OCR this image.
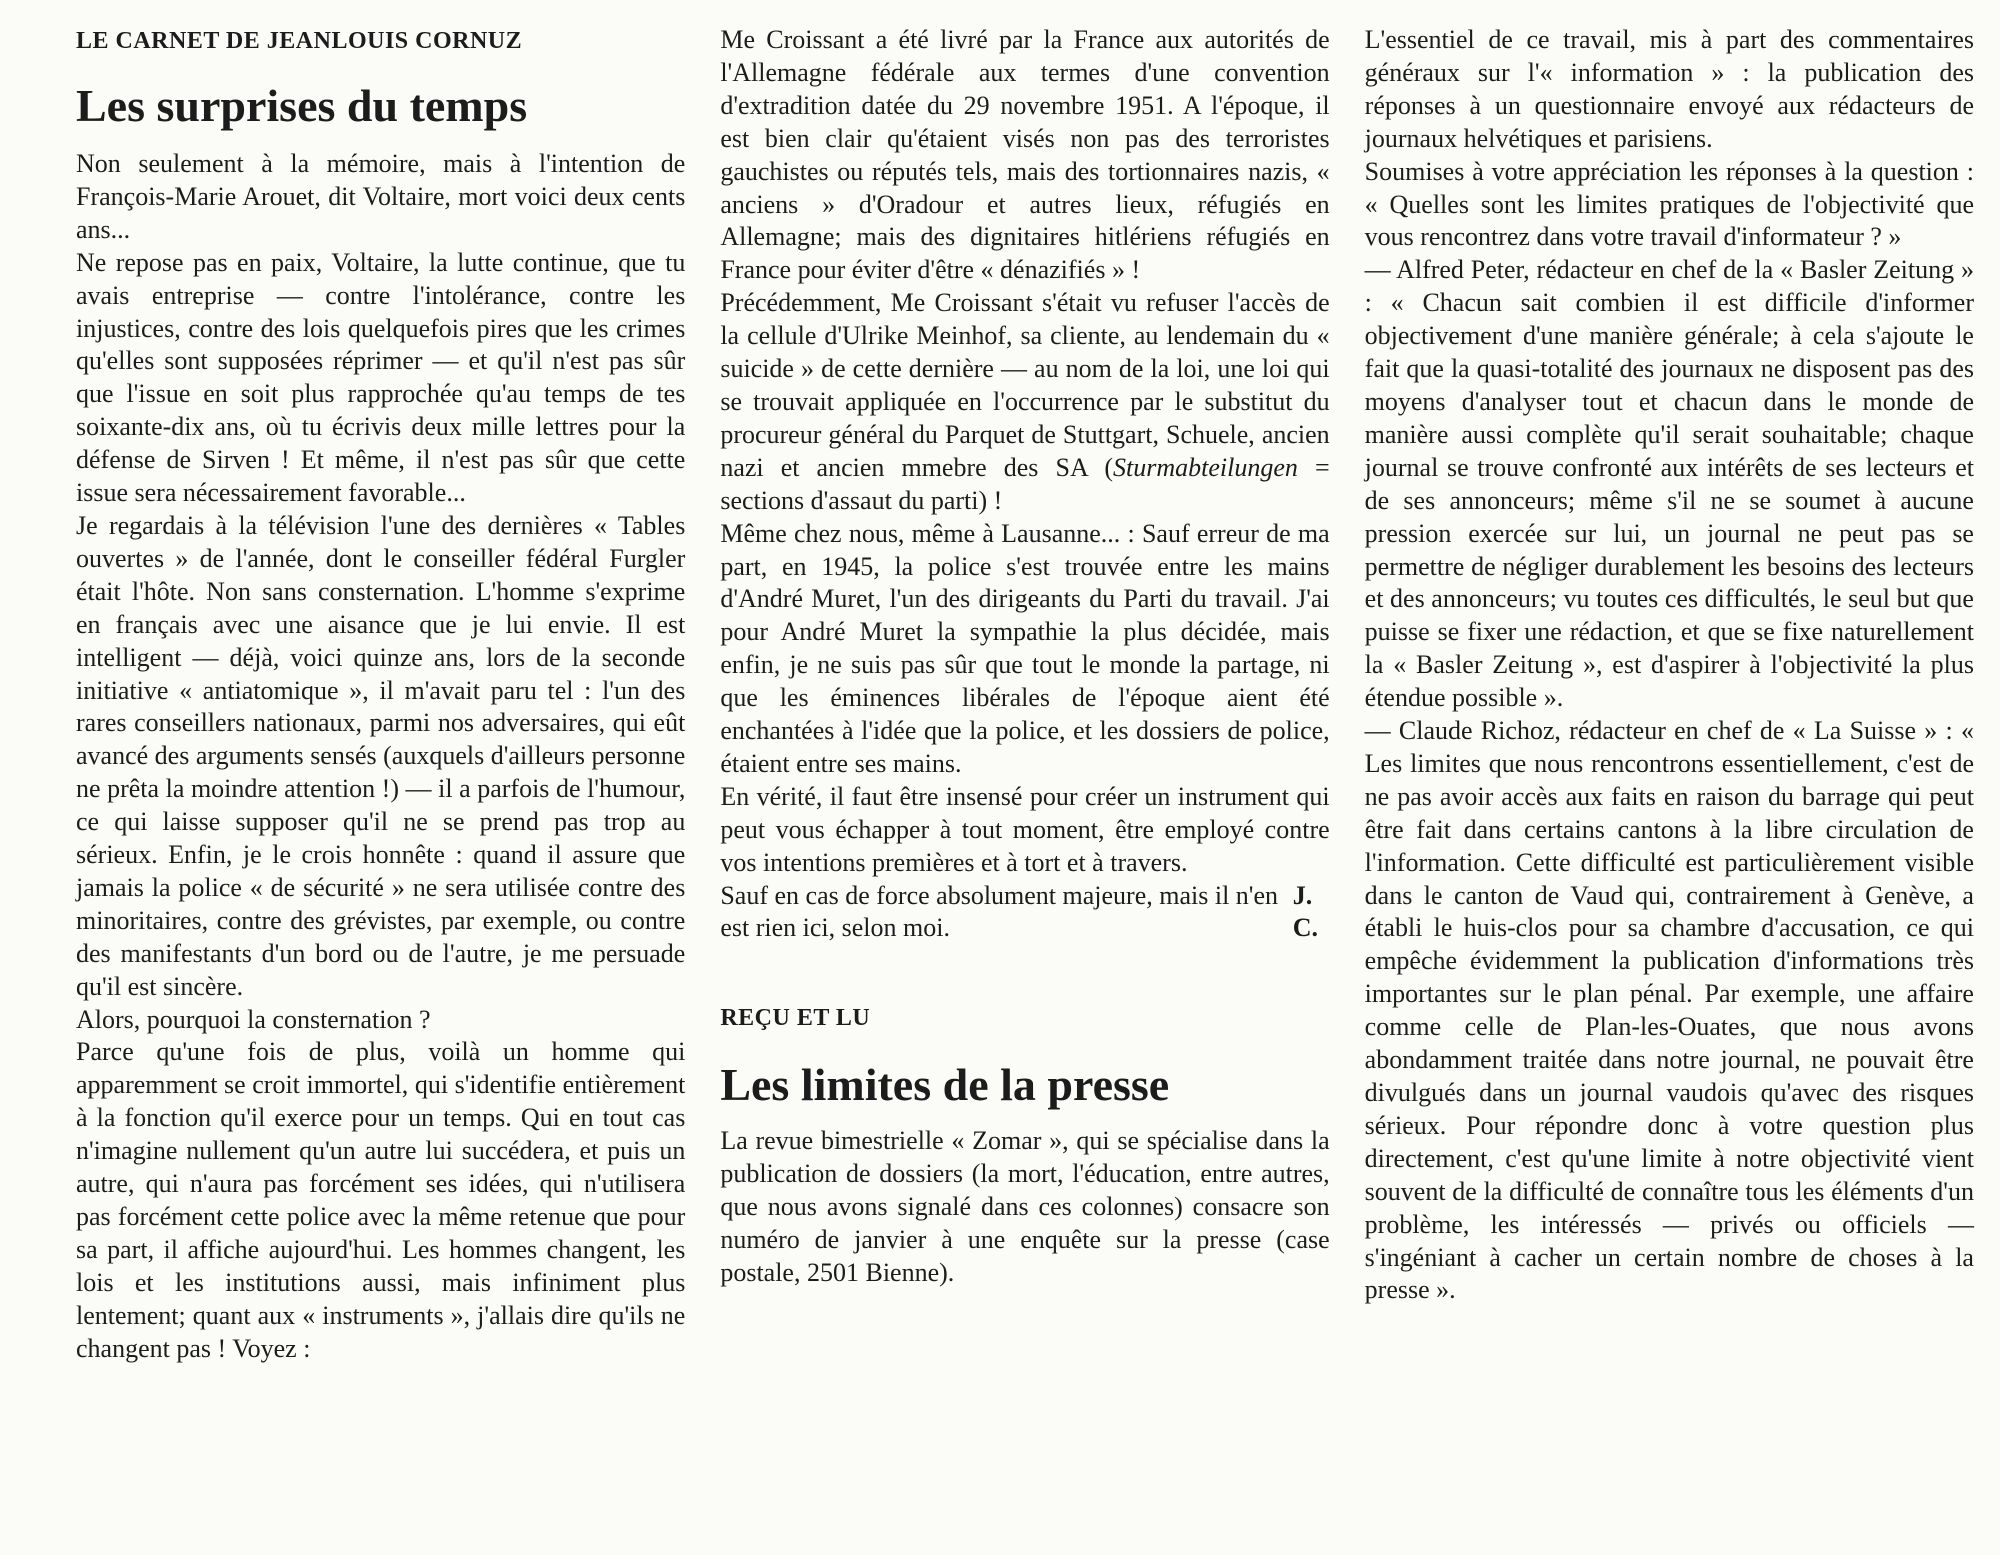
LE CARNET DE JEANLOUIS CORNUZ

Les surprises du temps

Non seulement à la mémoire, mais à l'intention de François-Marie Arouet, dit Voltaire, mort voici deux cents ans...

Ne repose pas en paix, Voltaire, la lutte continue, que tu avais entreprise — contre l'intolérance, contre les injustices, contre des lois quelquefois pires que les crimes qu'elles sont supposées réprimer — et qu'il n'est pas sûr que l'issue en soit plus rapprochée qu'au temps de tes soixante-dix ans, où tu écrivis deux mille lettres pour la défense de Sirven ! Et même, il n'est pas sûr que cette issue sera nécessairement favorable...

Je regardais à la télévision l'une des dernières « Tables ouvertes » de l'année, dont le conseiller fédéral Furgler était l'hôte. Non sans consternation. L'homme s'exprime en français avec une aisance que je lui envie. Il est intelligent — déjà, voici quinze ans, lors de la seconde initiative « antiatomique », il m'avait paru tel : l'un des rares conseillers nationaux, parmi nos adversaires, qui eût avancé des arguments sensés (auxquels d'ailleurs personne ne prêta la moindre attention !) — il a parfois de l'humour, ce qui laisse supposer qu'il ne se prend pas trop au sérieux. Enfin, je le crois honnête : quand il assure que jamais la police « de sécurité » ne sera utilisée contre des minoritaires, contre des grévistes, par exemple, ou contre des manifestants d'un bord ou de l'autre, je me persuade qu'il est sincère.

Alors, pourquoi la consternation ?

Parce qu'une fois de plus, voilà un homme qui apparemment se croit immortel, qui s'identifie entièrement à la fonction qu'il exerce pour un temps. Qui en tout cas n'imagine nullement qu'un autre lui succédera, et puis un autre, qui n'aura pas forcément ses idées, qui n'utilisera pas forcément cette police avec la même retenue que pour sa part, il affiche aujourd'hui. Les hommes changent, les lois et les institutions aussi, mais infiniment plus lentement; quant aux « instruments », j'allais dire qu'ils ne changent pas ! Voyez :

Me Croissant a été livré par la France aux autorités de l'Allemagne fédérale aux termes d'une convention d'extradition datée du 29 novembre 1951. A l'époque, il est bien clair qu'étaient visés non pas des terroristes gauchistes ou réputés tels, mais des tortionnaires nazis, « anciens » d'Oradour et autres lieux, réfugiés en Allemagne; mais des dignitaires hitlériens réfugiés en France pour éviter d'être « dénazifiés » !

Précédemment, Me Croissant s'était vu refuser l'accès de la cellule d'Ulrike Meinhof, sa cliente, au lendemain du « suicide » de cette dernière — au nom de la loi, une loi qui se trouvait appliquée en l'occurrence par le substitut du procureur général du Parquet de Stuttgart, Schuele, ancien nazi et ancien mmebre des SA (Sturmabteilungen = sections d'assaut du parti) !

Même chez nous, même à Lausanne... : Sauf erreur de ma part, en 1945, la police s'est trouvée entre les mains d'André Muret, l'un des dirigeants du Parti du travail. J'ai pour André Muret la sympathie la plus décidée, mais enfin, je ne suis pas sûr que tout le monde la partage, ni que les éminences libérales de l'époque aient été enchantées à l'idée que la police, et les dossiers de police, étaient entre ses mains.

En vérité, il faut être insensé pour créer un instrument qui peut vous échapper à tout moment, être employé contre vos intentions premières et à tort et à travers.

Sauf en cas de force absolument majeure, mais il n'en est rien ici, selon moi.
J. C.

REÇU ET LU

Les limites de la presse

La revue bimestrielle « Zomar », qui se spécialise dans la publication de dossiers (la mort, l'éducation, entre autres, que nous avons signalé dans ces colonnes) consacre son numéro de janvier à une enquête sur la presse (case postale, 2501 Bienne).

L'essentiel de ce travail, mis à part des commentaires généraux sur l'« information » : la publication des réponses à un questionnaire envoyé aux rédacteurs de journaux helvétiques et parisiens.

Soumises à votre appréciation les réponses à la question : « Quelles sont les limites pratiques de l'objectivité que vous rencontrez dans votre travail d'informateur ? »

— Alfred Peter, rédacteur en chef de la « Basler Zeitung » : « Chacun sait combien il est difficile d'informer objectivement d'une manière générale; à cela s'ajoute le fait que la quasi-totalité des journaux ne disposent pas des moyens d'analyser tout et chacun dans le monde de manière aussi complète qu'il serait souhaitable; chaque journal se trouve confronté aux intérêts de ses lecteurs et de ses annonceurs; même s'il ne se soumet à aucune pression exercée sur lui, un journal ne peut pas se permettre de négliger durablement les besoins des lecteurs et des annonceurs; vu toutes ces difficultés, le seul but que puisse se fixer une rédaction, et que se fixe naturellement la « Basler Zeitung », est d'aspirer à l'objectivité la plus étendue possible ».

— Claude Richoz, rédacteur en chef de « La Suisse » : « Les limites que nous rencontrons essentiellement, c'est de ne pas avoir accès aux faits en raison du barrage qui peut être fait dans certains cantons à la libre circulation de l'information. Cette difficulté est particulièrement visible dans le canton de Vaud qui, contrairement à Genève, a établi le huis-clos pour sa chambre d'accusation, ce qui empêche évidemment la publication d'informations très importantes sur le plan pénal. Par exemple, une affaire comme celle de Plan-les-Ouates, que nous avons abondamment traitée dans notre journal, ne pouvait être divulgués dans un journal vaudois qu'avec des risques sérieux. Pour répondre donc à votre question plus directement, c'est qu'une limite à notre objectivité vient souvent de la difficulté de connaître tous les éléments d'un problème, les intéressés — privés ou officiels — s'ingéniant à cacher un certain nombre de choses à la presse ».
